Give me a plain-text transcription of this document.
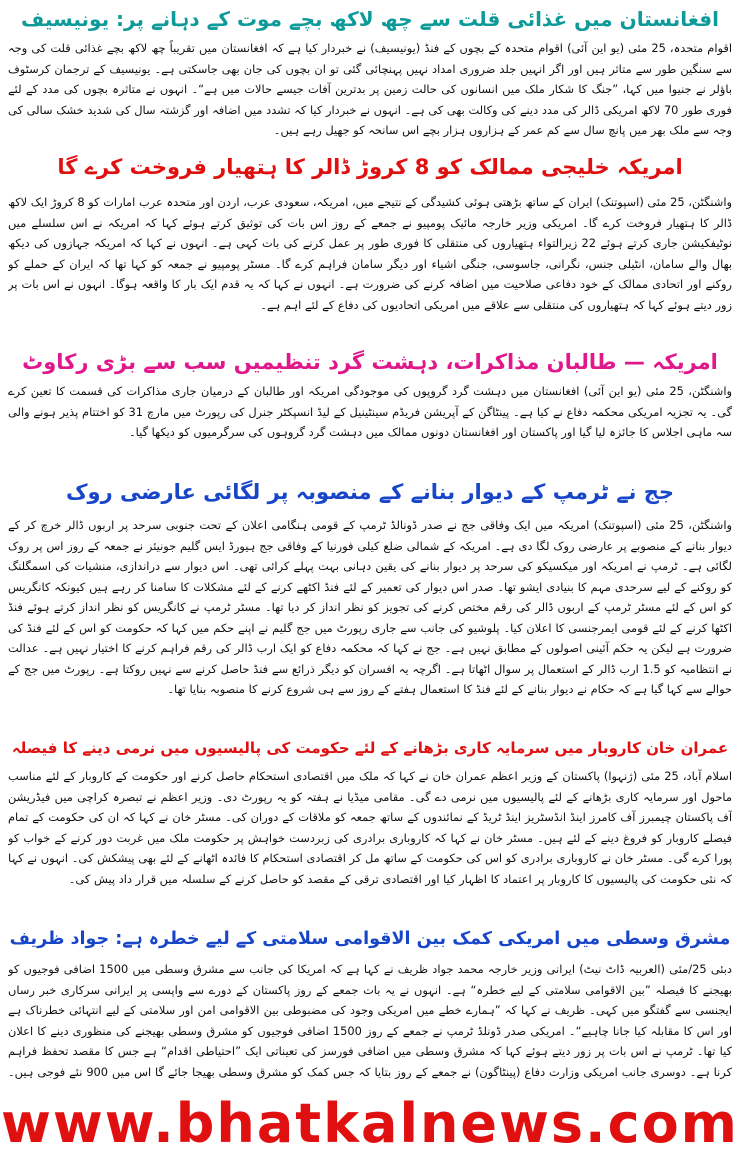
افغانستان میں غذائی قلت سے چھ لاکھ بچے موت کے دہانے پر: یونیسیف
اقوام متحدہ، 25 مئی (یو این آئی) اقوام متحدہ کے بچوں کے فنڈ (یونیسیف) نے خبردار کیا ہے کہ افغانستان میں تقریباً چھ لاکھ بچے غذائی قلت کی وجہ سے سنگین طور سے متاثر ہیں اور اگر انہیں جلد ضروری امداد نہیں پہنچائی گئی تو ان بچوں کی جان بھی جاسکتی ہے۔ یونیسیف کے ترجمان کرسٹوف باؤلر نے جنیوا میں کہا، ”جنگ کا شکار ملک میں انسانوں کی حالت زمین پر بدترین آفات جیسے حالات میں ہے“۔ انہوں نے متاثرہ بچوں کی مدد کے لئے فوری طور 70 لاکھ امریکی ڈالر کی مدد دینے کی وکالت بھی کی ہے۔ انہوں نے خبردار کیا کہ تشدد میں اضافہ اور گزشتہ سال کی شدید خشک سالی کی وجہ سے ملک بھر میں پانچ سال سے کم عمر کے ہزاروں ہزار بچے اس سانحہ کو جھیل رہے ہیں۔
امریکہ خلیجی ممالک کو 8 کروڑ ڈالر کا ہتھیار فروخت کرے گا
واشنگٹن، 25 مئی (اسپوتنک) ایران کے ساتھ بڑھتی ہوئی کشیدگی کے نتیجے میں، امریکہ، سعودی عرب، اردن اور متحدہ عرب امارات کو 8 کروڑ ایک لاکھ ڈالر کا ہتھیار فروخت کرے گا۔ امریکی وزیر خارجہ مائیک پومپیو نے جمعے کے روز اس بات کی توثیق کرتے ہوئے کہا کہ امریکہ نے اس سلسلے میں نوٹیفکیشن جاری کرتے ہوئے 22 زیرالتواء ہتھیاروں کی منتقلی کا فوری طور پر عمل کرنے کی بات کہی ہے۔ انہوں نے کہا کہ امریکہ جہازوں کی دیکھ بھال والے سامان، انٹیلی جنس، نگرانی، جاسوسی، جنگی اشیاء اور دیگر سامان فراہم کرے گا۔ مسٹر پومپیو نے جمعہ کو کہا تھا کہ ایران کے حملے کو روکنے اور اتحادی ممالک کے خود دفاعی صلاحیت میں اضافہ کرنے کی ضرورت ہے۔ انہوں نے کہا کہ یہ قدم ایک بار کا واقعہ ہوگا۔ انہوں نے اس بات پر زور دیتے ہوئے کہا کہ ہتھیاروں کی منتقلی سے علاقے میں امریکی اتحادیوں کی دفاع کے لئے اہم ہے۔
امریکہ — طالبان مذاکرات، دہشت گرد تنظیمیں سب سے بڑی رکاوٹ
واشنگٹن، 25 مئی (یو این آئی) افغانستان میں دہشت گرد گروپوں کی موجودگی امریکہ اور طالبان کے درمیان جاری مذاکرات کی قسمت کا تعین کرے گی۔ یہ تجزیہ امریکی محکمہ دفاع نے کیا ہے۔ پینٹاگن کے آپریشن فریڈم سینٹینیل کے لیڈ انسپکٹر جنرل کی رپورٹ میں مارچ 31 کو اختتام پذیر ہونے والی سہ ماہی اجلاس کا جائزہ لیا گیا اور پاکستان اور افغانستان دونوں ممالک میں دہشت گرد گروہوں کی سرگرمیوں کو دیکھا گیا۔
جج نے ٹرمپ کے دیوار بنانے کے منصوبہ پر لگائی عارضی روک
واشنگٹن، 25 مئی (اسپوتنک) امریکہ میں ایک وفاقی جج نے صدر ڈونالڈ ٹرمپ کے قومی ہنگامی اعلان کے تحت جنوبی سرحد پر اربوں ڈالر خرچ کر کے دیوار بنانے کے منصوبے پر عارضی روک لگا دی ہے۔ امریکہ کے شمالی ضلع کیلی فورنیا کے وفاقی جج ہیورڈ ایس گلیم جونیئر نے جمعہ کے روز اس پر روک لگائی ہے۔ ٹرمپ نے امریکہ اور میکسیکو کی سرحد پر دیوار بنانے کی یقین دہانی بہت پہلے کرائی تھی۔ اس دیوار سے دراندازی، منشیات کی اسمگلنگ کو روکنے کے لیے سرحدی مہم کا بنیادی ایشو تھا۔ صدر اس دیوار کی تعمیر کے لئے فنڈ اکٹھے کرنے کے لئے مشکلات کا سامنا کر رہے ہیں کیونکہ کانگریس کو اس کے لئے مسٹر ٹرمپ کے اربوں ڈالر کی رقم مختص کرنے کی تجویز کو نظر انداز کر دیا تھا۔ مسٹر ٹرمپ نے کانگریس کو نظر انداز کرتے ہوئے فنڈ اکٹھا کرنے کے لئے قومی ایمرجنسی کا اعلان کیا۔ پلوشیو کی جانب سے جاری رپورٹ میں جج گلیم نے اپنے حکم میں کہا کہ حکومت کو اس کے لئے فنڈ کی ضرورت ہے لیکن یہ حکم آئینی اصولوں کے مطابق نہیں ہے۔ جج نے کہا کہ محکمہ دفاع کو ایک ارب ڈالر کی رقم فراہم کرنے کا اختیار نہیں ہے۔ عدالت نے انتظامیہ کو 1.5 ارب ڈالر کے استعمال پر سوال اٹھاتا ہے۔ اگرچہ یہ افسران کو دیگر ذرائع سے فنڈ حاصل کرنے سے نہیں روکتا ہے۔ رپورٹ میں جج کے حوالے سے کہا گیا ہے کہ حکام نے دیوار بنانے کے لئے فنڈ کا استعمال ہفتے کے روز سے ہی شروع کرنے کا منصوبہ بنایا تھا۔
عمران خان کاروبار میں سرمایہ کاری بڑھانے کے لئے حکومت کی پالیسیوں میں نرمی دینے کا فیصلہ
اسلام آباد، 25 مئی (ژنہوا) پاکستان کے وزیر اعظم عمران خان نے کہا کہ ملک میں اقتصادی استحکام حاصل کرنے اور حکومت کے کاروبار کے لئے مناسب ماحول اور سرمایہ کاری بڑھانے کے لئے پالیسیوں میں نرمی دے گی۔ مقامی میڈیا نے ہفتہ کو یہ رپورٹ دی۔ وزیر اعظم نے تبصرہ کراچی میں فیڈریشن آف پاکستان چیمبرز آف کامرز اینڈ انڈسٹریز اینڈ ٹریڈ کے نمائندوں کے ساتھ جمعہ کو ملاقات کے دوران کی۔ مسٹر خان نے کہا کہ ان کی حکومت کے تمام فیصلے کاروبار کو فروغ دینے کے لئے ہیں۔ مسٹر خان نے کہا کہ کاروباری برادری کی زبردست خواہش پر حکومت ملک میں غربت دور کرنے کے خواب کو پورا کرے گی۔ مسٹر خان نے کاروباری برادری کو اس کی حکومت کے ساتھ مل کر اقتصادی استحکام کا فائدہ اٹھانے کے لئے بھی پیشکش کی۔ انہوں نے کہا کہ نئی حکومت کی پالیسیوں کا کاروبار پر اعتماد کا اظہار کیا اور اقتصادی ترقی کے مقصد کو حاصل کرنے کے سلسلہ میں قرار داد پیش کی۔
مشرق وسطی میں امریکی کمک بین الاقوامی سلامتی کے لیے خطرہ ہے: جواد ظریف
دبئی 25/مئی (العربیہ ڈاٹ نیٹ) ایرانی وزیر خارجہ محمد جواد ظریف نے کہا ہے کہ امریکا کی جانب سے مشرق وسطی میں 1500 اضافی فوجیوں کو بھیجنے کا فیصلہ ”بین الاقوامی سلامتی کے لیے خطرہ“ ہے۔ انہوں نے یہ بات جمعے کے روز پاکستان کے دورے سے واپسی پر ایرانی سرکاری خبر رساں ایجنسی سے گفتگو میں کہی۔ ظریف نے کہا کہ ”ہمارے خطے میں امریکی وجود کی مضبوطی بین الاقوامی امن اور سلامتی کے لیے انتہائی خطرناک ہے اور اس کا مقابلہ کیا جانا چاہیے“۔ امریکی صدر ڈونلڈ ٹرمپ نے جمعے کے روز 1500 اضافی فوجیوں کو مشرق وسطی بھیجنے کی منظوری دینے کا اعلان کیا تھا۔ ٹرمپ نے اس بات پر زور دیتے ہوئے کہا کہ مشرق وسطی میں اضافی فورسز کی تعیناتی ایک ”احتیاطی اقدام“ ہے جس کا مقصد تحفظ فراہم کرنا ہے۔ دوسری جانب امریکی وزارت دفاع (پینٹاگون) نے جمعے کے روز بتایا کہ جس کمک کو مشرق وسطی بھیجا جائے گا اس میں 900 نئے فوجی ہیں۔
www.bhatkalnews.com
